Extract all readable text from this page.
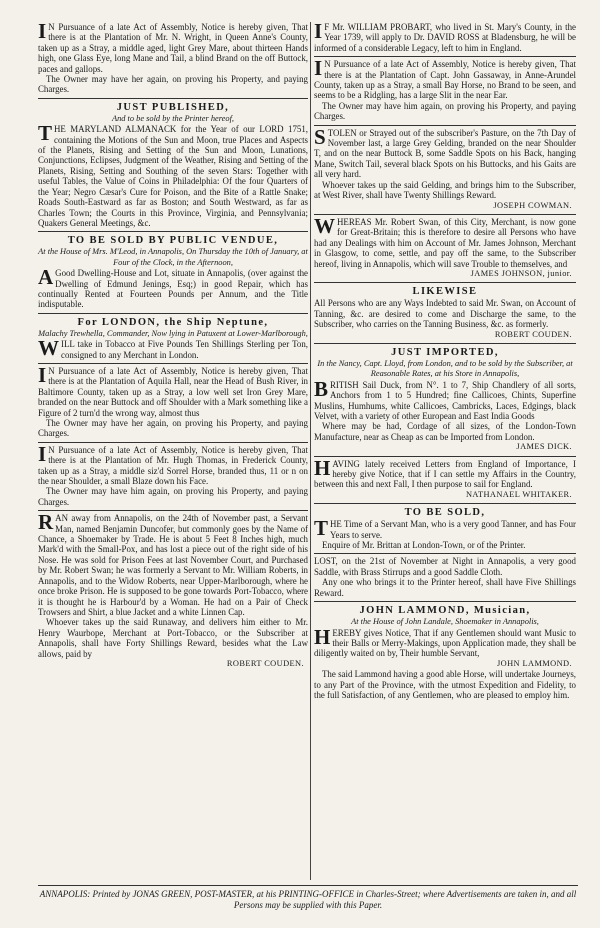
I N Pursuance of a late Act of Assembly, Notice is hereby given, That there is at the Plantation of Mr. N. Wright, in Queen Anne's County, taken up as a Stray, a middle aged, light Grey Mare, about thirteen Hands high, one Glass Eye, long Mane and Tail, a blind Brand on the off Buttock, paces and gallops.

The Owner may have her again, on proving his Property, and paying Charges.

JUST PUBLISHED,

And to be sold by the Printer hereof,

THE MARYLAND ALMANACK for the Year of our LORD 1751, containing the Motions of the Sun and Moon, true Places and Aspects of the Planets, Rising and Setting of the Sun and Moon, Lunations, Conjunctions, Eclipses, Judgment of the Weather, Rising and Setting of the Planets, Rising, Setting and Southing of the seven Stars: Together with useful Tables, the Value of Coins in Philadelphia: Of the four Quarters of the Year; Negro Cæsar's Cure for Poison, and the Bite of a Rattle Snake; Roads South-Eastward as far as Boston; and South Westward, as far as Charles Town; the Courts in this Province, Virginia, and Pennsylvania; Quakers General Meetings, &c.

TO BE SOLD BY PUBLIC VENDUE,

At the House of Mrs. M'Leod, in Annapolis, On Thursday the 10th of January, at Four of the Clock, in the Afternoon,

A Good Dwelling-House and Lot, situate in Annapolis, (over against the Dwelling of Edmund Jenings, Esq;) in good Repair, which has continually Rented at Fourteen Pounds per Annum, and the Title indisputable.

For LONDON, the Ship Neptune,

Malachy Trewhella, Commander, Now lying in Patuxent at Lower-Marlborough,

WILL take in Tobacco at Five Pounds Ten Shillings Sterling per Ton, consigned to any Merchant in London.

I N Pursuance of a late Act of Assembly, Notice is hereby given, That there is at the Plantation of Aquila Hall, near the Head of Bush River, in Baltimore County, taken up as a Stray, a low well set Iron Grey Mare, branded on the near Buttock and off Shoulder with a Mark something like a Figure of 2 turn'd the wrong way, almost thus

The Owner may have her again, on proving his Property, and paying Charges.

I N Pursuance of a late Act of Assembly, Notice is hereby given, That there is at the Plantation of Mr. Hugh Thomas, in Frederick County, taken up as a Stray, a middle siz'd Sorrel Horse, branded thus, 11 or n on the near Shoulder, a small Blaze down his Face.

The Owner may have him again, on proving his Property, and paying Charges.

RAN away from Annapolis, on the 24th of November past, a Servant Man, named Benjamin Duncofer, but commonly goes by the Name of Chance, a Shoemaker by Trade. He is about 5 Feet 8 Inches high, much Mark'd with the Small-Pox, and has lost a piece out of the right side of his Nose. He was sold for Prison Fees at last November Court, and Purchased by Mr. Robert Swan; he was formerly a Servant to Mr. William Roberts, in Annapolis, and to the Widow Roberts, near Upper-Marlborough, where he once broke Prison. He is supposed to be gone towards Port-Tobacco, where it is thought he is Harbour'd by a Woman. He had on a Pair of Check Trowsers and Shirt, a blue Jacket and a white Linnen Cap.

Whoever takes up the said Runaway, and delivers him either to Mr. Henry Waurbope, Merchant at Port-Tobacco, or the Subscriber at Annapolis, shall have Forty Shillings Reward, besides what the Law allows, paid by

ROBERT COUDEN.

I F Mr. WILLIAM PROBART, who lived in St. Mary's County, in the Year 1739, will apply to Dr. DAVID ROSS at Bladensburg, he will be informed of a considerable Legacy, left to him in England.

I N Pursuance of a late Act of Assembly, Notice is hereby given, That there is at the Plantation of Capt. John Gassaway, in Anne-Arundel County, taken up as a Stray, a small Bay Horse, no Brand to be seen, and seems to be a Ridgling, has a large Slit in the near Ear.

The Owner may have him again, on proving his Property, and paying Charges.

STOLEN or Strayed out of the subscriber's Pasture, on the 7th Day of November last, a large Grey Gelding, branded on the near Shoulder T, and on the near Buttock B, some Saddle Spots on his Back, hanging Mane, Switch Tail, several black Spots on his Buttocks, and his Gaits are all very hard.

Whoever takes up the said Gelding, and brings him to the Subscriber, at West River, shall have Twenty Shillings Reward.

JOSEPH COWMAN.

WHEREAS Mr. Robert Swan, of this City, Merchant, is now gone for Great-Britain; this is therefore to desire all Persons who have had any Dealings with him on Account of Mr. James Johnson, Merchant in Glasgow, to come, settle, and pay off the same, to the Subscriber hereof, living in Annapolis, which will save Trouble to themselves, and

JAMES JOHNSON, junior.

LIKEWISE

All Persons who are any Ways Indebted to said Mr. Swan, on Account of Tanning, &c. are desired to come and Discharge the same, to the Subscriber, who carries on the Tanning Business, &c. as formerly.

ROBERT COUDEN.

JUST IMPORTED,

In the Nancy, Capt. Lloyd, from London, and to be sold by the Subscriber, at Reasonable Rates, at his Store in Annapolis,

BRITISH Sail Duck, from N°. 1 to 7, Ship Chandlery of all sorts, Anchors from 1 to 5 Hundred; fine Callicoes, Chints, Superfine Muslins, Humhums, white Callicoes, Cambricks, Laces, Edgings, black Velvet, with a variety of other European and East India Goods

Where may be had, Cordage of all sizes, of the London-Town Manufacture, near as Cheap as can be Imported from London.

JAMES DICK.

HAVING lately received Letters from England of Importance, I hereby give Notice, that if I can settle my Affairs in the Country, between this and next Fall, I then purpose to sail for England.

NATHANAEL WHITAKER.

TO BE SOLD,

THE Time of a Servant Man, who is a very good Tanner, and has Four Years to serve.

Enquire of Mr. Brittan at London-Town, or of the Printer.

LOST, on the 21st of November at Night in Annapolis, a very good Saddle, with Brass Stirrups and a good Saddle Cloth.

Any one who brings it to the Printer hereof, shall have Five Shillings Reward.

JOHN LAMMOND, Musician,

At the House of John Landale, Shoemaker in Annapolis,

HEREBY gives Notice, That if any Gentlemen should want Music to their Balls or Merry-Makings, upon Application made, they shall be diligently waited on by, Their humble Servant,

JOHN LAMMOND.

The said Lammond having a good able Horse, will undertake Journeys, to any Part of the Province, with the utmost Expedition and Fidelity, to the full Satisfaction, of any Gentlemen, who are pleased to employ him.

ANNAPOLIS: Printed by JONAS GREEN, POST-MASTER, at his PRINTING-OFFICE in Charles-Street; where Advertisements are taken in, and all Persons may be supplied with this Paper.
